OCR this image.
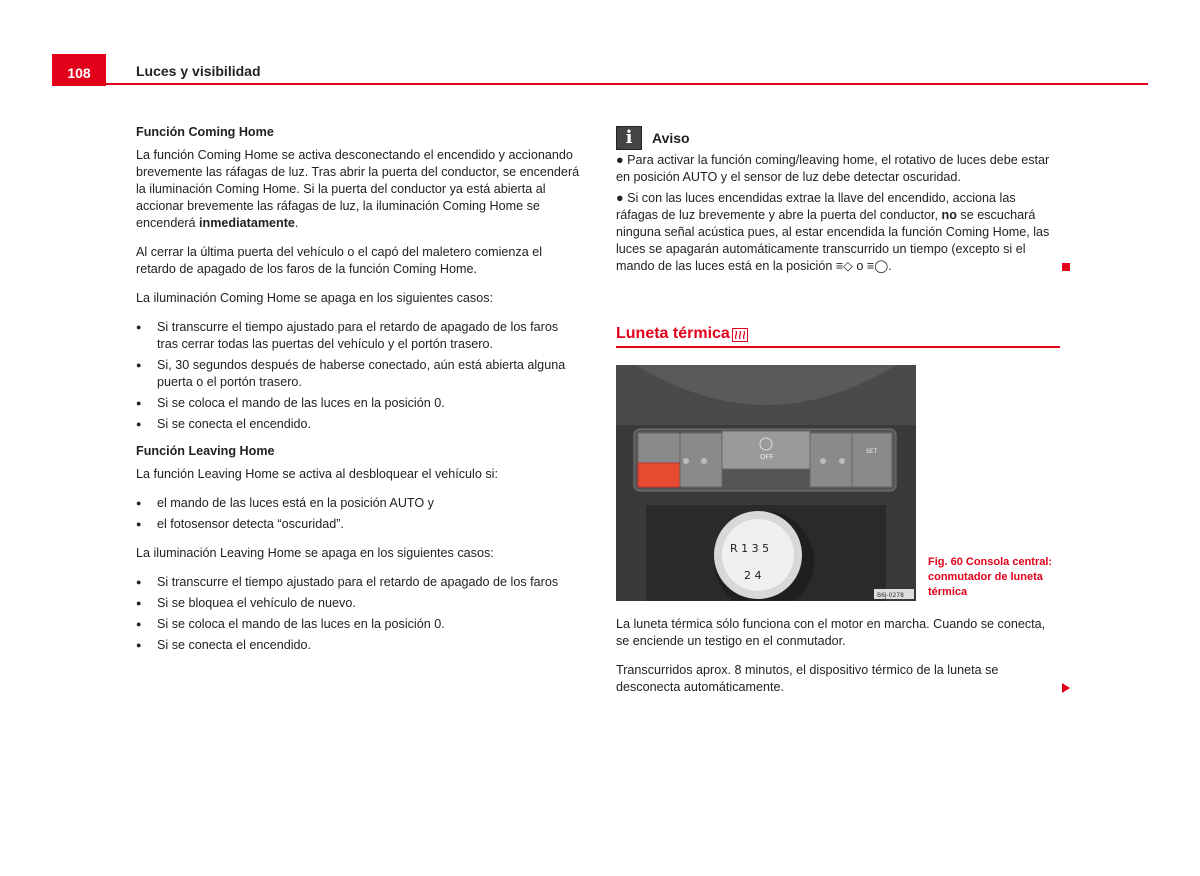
108	Luces y visibilidad
Función Coming Home

La función Coming Home se activa desconectando el encendido y accionando brevemente las ráfagas de luz. Tras abrir la puerta del conductor, se encenderá la iluminación Coming Home. Si la puerta del conductor ya está abierta al accionar brevemente las ráfagas de luz, la iluminación Coming Home se encenderá inmediatamente.

Al cerrar la última puerta del vehículo o el capó del maletero comienza el retardo de apagado de los faros de la función Coming Home.

La iluminación Coming Home se apaga en los siguientes casos:

● Si transcurre el tiempo ajustado para el retardo de apagado de los faros tras cerrar todas las puertas del vehículo y el portón trasero.
● Si, 30 segundos después de haberse conectado, aún está abierta alguna puerta o el portón trasero.
● Si se coloca el mando de las luces en la posición 0.
● Si se conecta el encendido.
Función Leaving Home

La función Leaving Home se activa al desbloquear el vehículo si:

● el mando de las luces está en la posición AUTO y
● el fotosensor detecta “oscuridad”.

La iluminación Leaving Home se apaga en los siguientes casos:

● Si transcurre el tiempo ajustado para el retardo de apagado de los faros
● Si se bloquea el vehículo de nuevo.
● Si se coloca el mando de las luces en la posición 0.
● Si se conecta el encendido.
i	Aviso
● Para activar la función coming/leaving home, el rotativo de luces debe estar en posición AUTO y el sensor de luz debe detectar oscuridad.
● Si con las luces encendidas extrae la llave del encendido, acciona las ráfagas de luz brevemente y abre la puerta del conductor, no se escuchará ninguna señal acústica pues, al estar encendida la función Coming Home, las luces se apagarán automáticamente transcurrido un tiempo (excepto si el mando de las luces está en la posición ≡◇ o ≡◯.
Luneta térmica
OFF
SET
R 1 3 5
2 4
B6J-0278
Fig. 60 Consola central:
conmutador de luneta
térmica

La luneta térmica sólo funciona con el motor en marcha. Cuando se conecta, se enciende un testigo en el conmutador.

Transcurridos aprox. 8 minutos, el dispositivo térmico de la luneta se desconecta automáticamente.
